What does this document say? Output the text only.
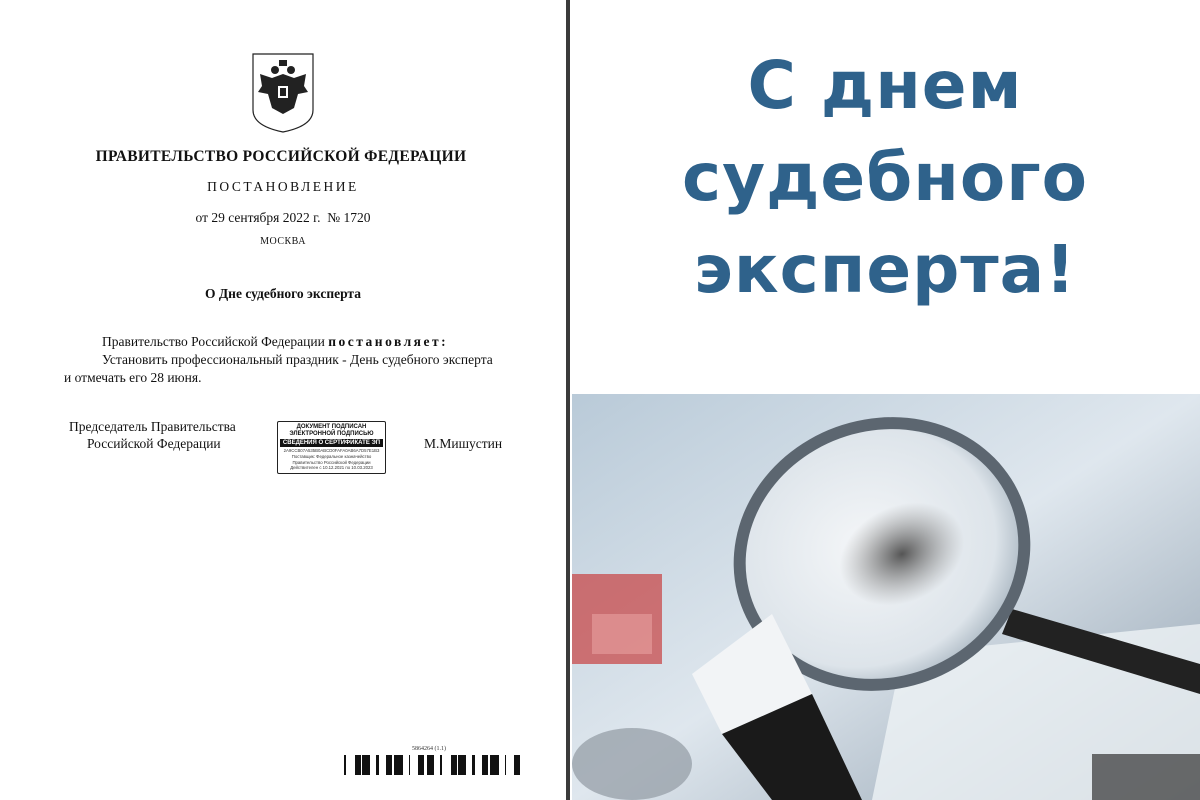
ПРАВИТЕЛЬСТВО РОССИЙСКОЙ ФЕДЕРАЦИИ
ПОСТАНОВЛЕНИЕ
от 29 сентября 2022 г.  № 1720
МОСКВА
О Дне судебного эксперта
Правительство Российской Федерации постановляет:
Установить профессиональный праздник - День судебного эксперта
и отмечать его 28 июня.
Председатель Правительства
Российской Федерации	М.Мишустин
ДОКУМЕНТ ПОДПИСАН
ЭЛЕКТРОННОЙ ПОДПИСЬЮ
СВЕДЕНИЯ О СЕРТИФИКАТЕ ЭП
2A9CCB07A535B0ABCD0FAFA0AB6A7D57E1B3
Поставщик: Федеральное казначейство
Правительство Российской Федерации
Действителен с 10.12.2021 по 10.03.2023
5864264 (1.1)
С днем
судебного
эксперта!
